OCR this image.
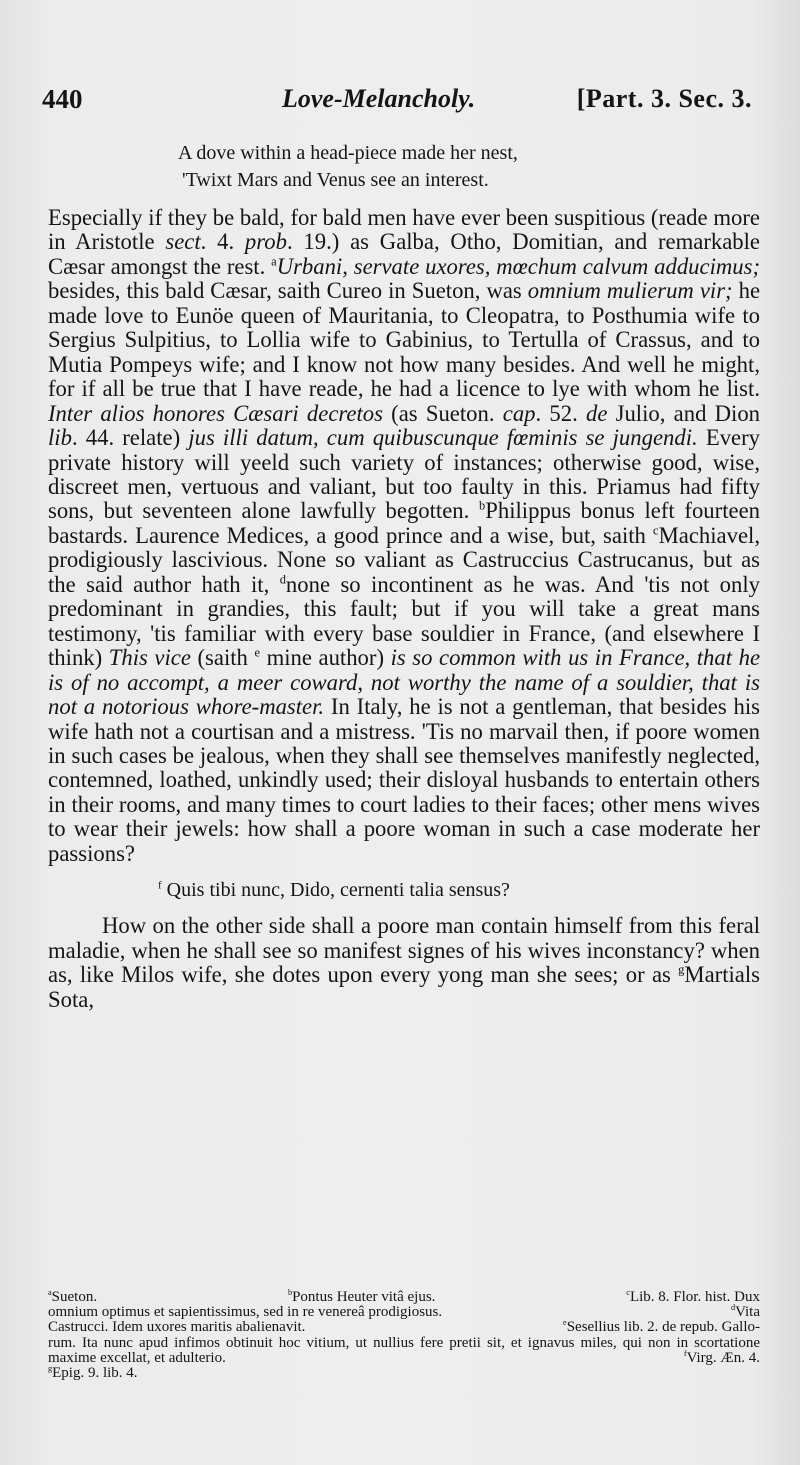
440	Love-Melancholy.	[Part. 3. Sec. 3.
A dove within a head-piece made her nest,
'Twixt Mars and Venus see an interest.
Especially if they be bald, for bald men have ever been suspitious (reade more in Aristotle sect. 4. prob. 19.) as Galba, Otho, Domitian, and remarkable Cæsar amongst the rest. $^a$Urbani, servate uxores, mœchum calvum adducimus; besides, this bald Cæsar, saith Cureo in Sueton, was omnium mulierum vir; he made love to Eunöe queen of Mauritania, to Cleopatra, to Posthumia wife to Sergius Sulpitius, to Lollia wife to Gabinius, to Tertulla of Crassus, and to Mutia Pompeys wife; and I know not how many besides. And well he might, for if all be true that I have reade, he had a licence to lye with whom he list. Inter alios honores Cæsari decretos (as Sueton. cap. 52. de Julio, and Dion lib. 44. relate) jus illi datum, cum quibuscunque fœminis se jungendi. Every private history will yeeld such variety of instances; otherwise good, wise, discreet men, vertuous and valiant, but too faulty in this. Priamus had fifty sons, but seventeen alone lawfully begotten. $^b$Philippus bonus left fourteen bastards. Laurence Medices, a good prince and a wise, but, saith $^c$Machiavel, prodigiously lascivious. None so valiant as Castruccius Castrucanus, but as the said author hath it, $^d$none so incontinent as he was. And 'tis not only predominant in grandies, this fault; but if you will take a great mans testimony, 'tis familiar with every base souldier in France, (and elsewhere I think) This vice (saith $^e$ mine author) is so common with us in France, that he is of no accompt, a meer coward, not worthy the name of a souldier, that is not a notorious whore-master. In Italy, he is not a gentleman, that besides his wife hath not a courtisan and a mistress. 'Tis no marvail then, if poore women in such cases be jealous, when they shall see themselves manifestly neglected, contemned, loathed, unkindly used; their disloyal husbands to entertain others in their rooms, and many times to court ladies to their faces; other mens wives to wear their jewels: how shall a poore woman in such a case moderate her passions?
$^f$ Quis tibi nunc, Dido, cernenti talia sensus?
How on the other side shall a poore man contain himself from this feral maladie, when he shall see so manifest signes of his wives inconstancy? when as, like Milos wife, she dotes upon every yong man she sees; or as $^g$Martials Sota,
$^a$Sueton.	$^b$Pontus Heuter vitâ ejus.	$^c$Lib. 8. Flor. hist. Dux
omnium optimus et sapientissimus, sed in re venereâ prodigiosus.	$^d$Vita
Castrucci. Idem uxores maritis abalienavit.	$^e$Sesellius lib. 2. de repub. Gallo-
rum. Ita nunc apud infimos obtinuit hoc vitium, ut nullius fere pretii sit, et ignavus miles, qui non in scortatione maxime excellat, et adulterio.	$^f$Virg. Æn. 4.
$^g$Epig. 9. lib. 4.
